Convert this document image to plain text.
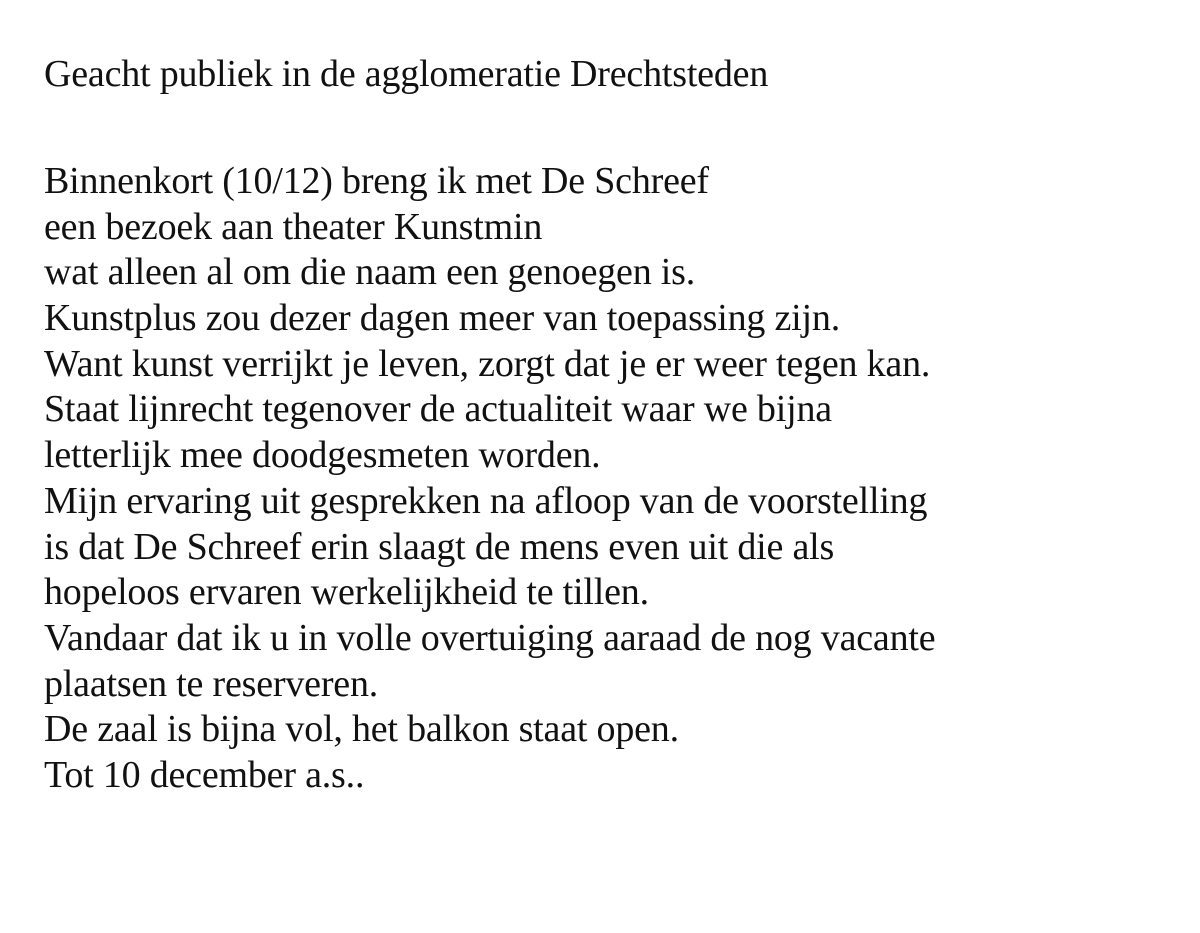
Geacht publiek in de agglomeratie Drechtsteden
Binnenkort (10/12) breng ik met De Schreef
een bezoek aan theater Kunstmin
wat alleen al om die naam een genoegen is.
Kunstplus zou dezer dagen meer van toepassing zijn.
Want kunst verrijkt je leven, zorgt dat je er weer tegen kan.
Staat lijnrecht tegenover de actualiteit waar we bijna
letterlijk mee doodgesmeten worden.
Mijn ervaring uit gesprekken na afloop van de voorstelling
is dat De Schreef erin slaagt de mens even uit die als
hopeloos ervaren werkelijkheid te tillen.
Vandaar dat ik u in volle overtuiging aaraad de nog vacante
plaatsen te reserveren.
De zaal is bijna vol, het balkon staat open.
Tot 10 december a.s..
